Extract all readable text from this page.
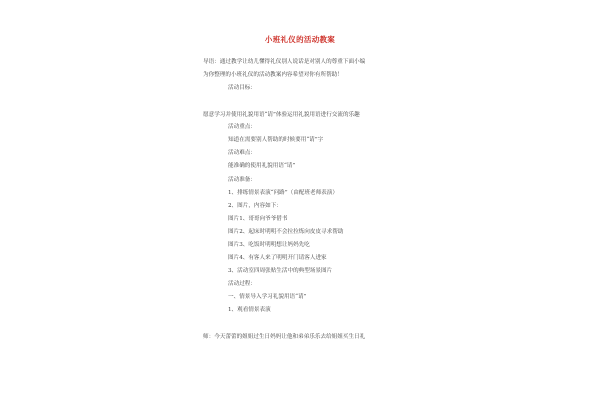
小班礼仪的活动教案
导语：通过教学让幼儿懂得礼仪别人说话是对别人的尊重下面小编
为你整理的小班礼仪的活动教案内容希望对你有所帮助！
活动目标：
愿意学习并使用礼貌用语“请”体验运用礼貌用语进行交流的乐趣
活动重点：
知道在需要别人帮助的时候要用“请”字
活动难点：
能准确的使用礼貌用语“请”
活动准备：
1、排练情景表演“问路”（由配班老师表演）
2、图片，内容如下：
图片1、哥哥向爷爷借书
图片2、起床时明明不会拉拉炼向皮皮寻求帮助
图片3、吃饭时明明想让妈妈先吃
图片4、有客人来了明明开门请客人进家
3、活动室四周张贴生活中的典型场景图片
活动过程：
一、情景导入学习礼貌用语“请”
1、观看情景表演
师：今天蕾蕾的姐姐过生日妈妈让他和弟弟乐乐去给姐姐买生日礼
